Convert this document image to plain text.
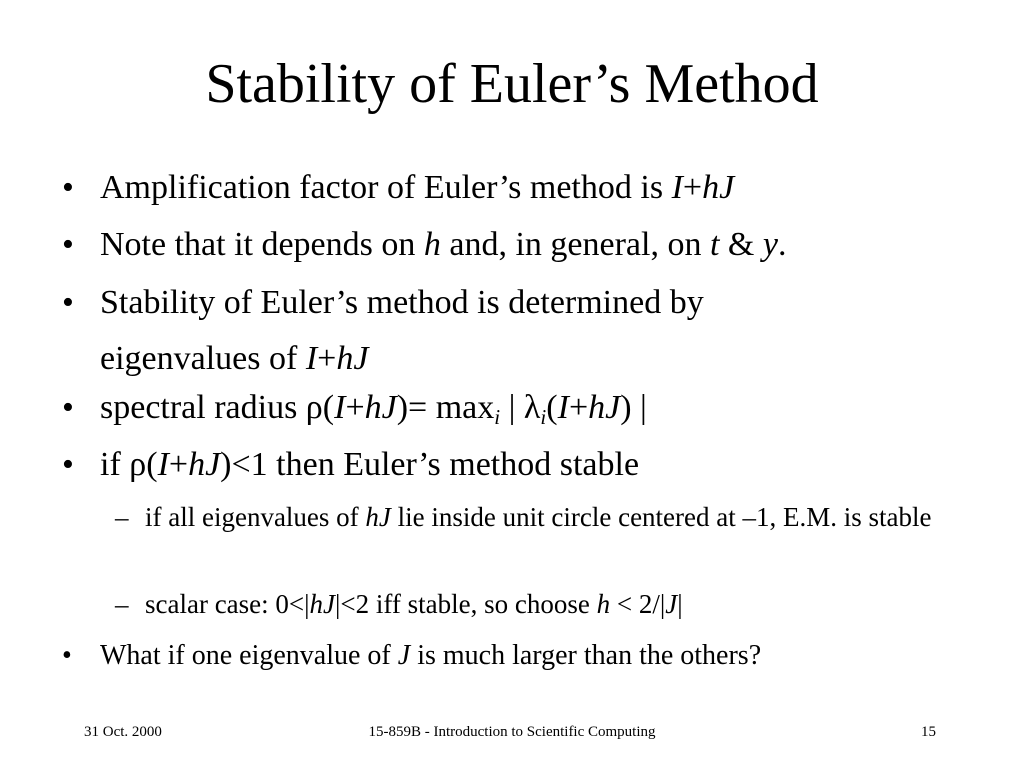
Stability of Euler’s Method
• Amplification factor of Euler’s method is I+hJ
• Note that it depends on h and, in general, on t & y.
• Stability of Euler’s method is determined by eigenvalues of I+hJ
• spectral radius $\rho(I+hJ)= \max_i$ | $\lambda_i(I+hJ)$ |
• if ρ(I+hJ)<1 then Euler’s method stable
– if all eigenvalues of hJ lie inside unit circle centered at –1, E.M. is stable
– scalar case: 0<|hJ|<2 iff stable, so choose h < 2/|J|
• What if one eigenvalue of J is much larger than the others?
31 Oct. 2000	15-859B - Introduction to Scientific Computing	15
